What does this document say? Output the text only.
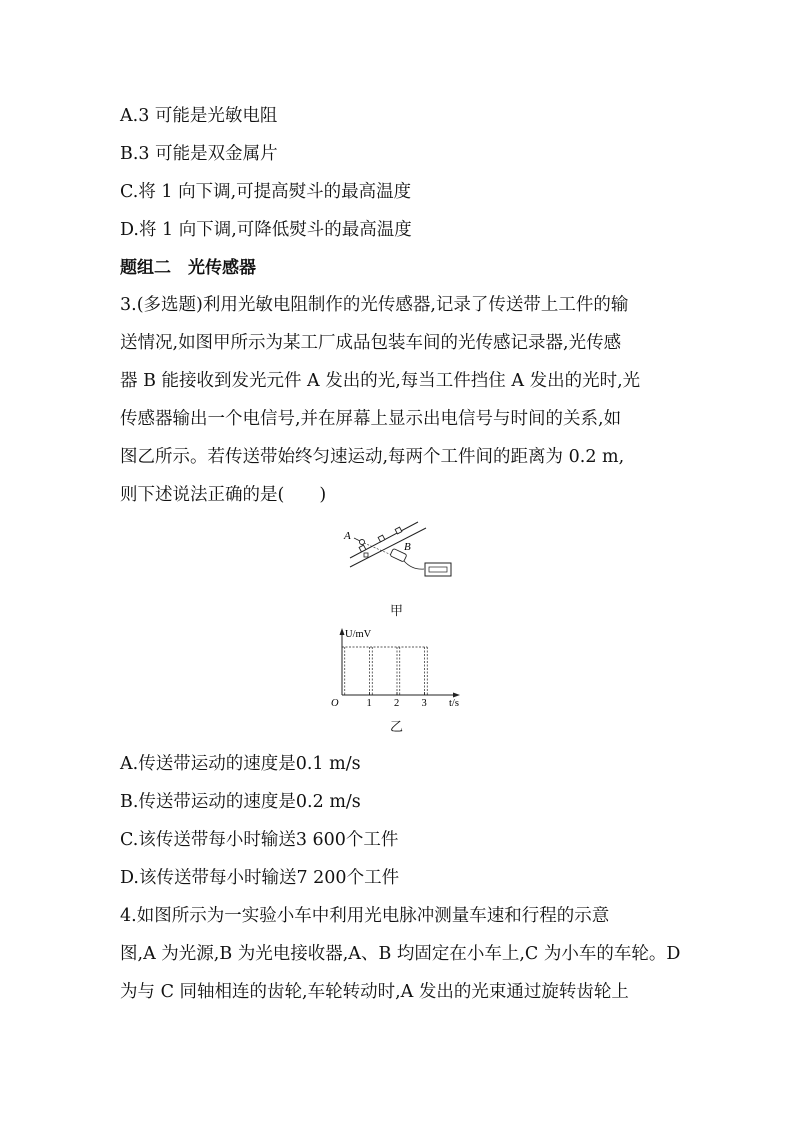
A.3 可能是光敏电阻
B.3 可能是双金属片
C.将 1 向下调,可提高熨斗的最高温度
D.将 1 向下调,可降低熨斗的最高温度
题组二　光传感器
3.(多选题)利用光敏电阻制作的光传感器,记录了传送带上工件的输
送情况,如图甲所示为某工厂成品包装车间的光传感记录器,光传感
器 B 能接收到发光元件 A 发出的光,每当工件挡住 A 发出的光时,光
传感器输出一个电信号,并在屏幕上显示出电信号与时间的关系,如
图乙所示。若传送带始终匀速运动,每两个工件间的距离为 0.2 m,
则下述说法正确的是(　　)
A
B
甲
U/mV
O	t/s
1 2 3
乙
A.传送带运动的速度是0.1 m/s
B.传送带运动的速度是0.2 m/s
C.该传送带每小时输送3 600个工件
D.该传送带每小时输送7 200个工件
4.如图所示为一实验小车中利用光电脉冲测量车速和行程的示意
图,A 为光源,B 为光电接收器,A、B 均固定在小车上,C 为小车的车轮。D
为与 C 同轴相连的齿轮,车轮转动时,A 发出的光束通过旋转齿轮上
